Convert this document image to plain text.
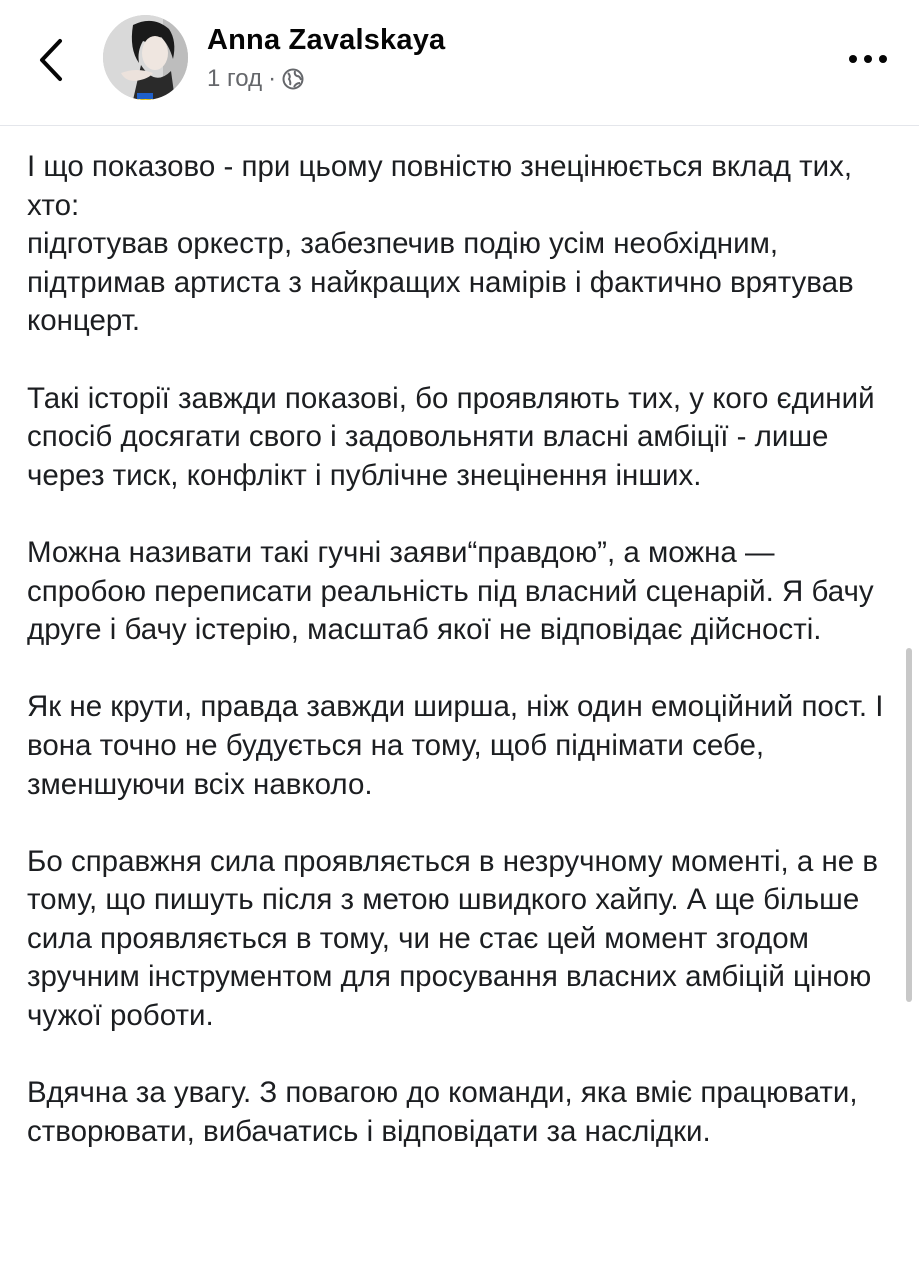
Anna Zavalskaya
1 год ·

І що показово - при цьому повністю знецінюється вклад тих, хто:
підготував оркестр, забезпечив подію усім необхідним, підтримав артиста з найкращих намірів і фактично врятував концерт.

Такі історії завжди показові, бо проявляють тих, у кого єдиний спосіб досягати свого і задовольняти власні амбіції - лише через тиск, конфлікт і публічне знецінення інших.

Можна називати такі гучні заяви“правдою”, а можна — спробою переписати реальність під власний сценарій. Я бачу друге і бачу істерію, масштаб якої не відповідає дійсності.

Як не крути, правда завжди ширша, ніж один емоційний пост. І вона точно не будується на тому, щоб піднімати себе, зменшуючи всіх навколо.

Бо справжня сила проявляється в незручному моменті, а не в тому, що пишуть після з метою швидкого хайпу. А ще більше сила проявляється в тому, чи не стає цей момент згодом зручним інструментом для просування власних амбіцій ціною чужої роботи.

Вдячна за увагу. З повагою до команди, яка вміє працювати, створювати, вибачатись і відповідати за наслідки.
